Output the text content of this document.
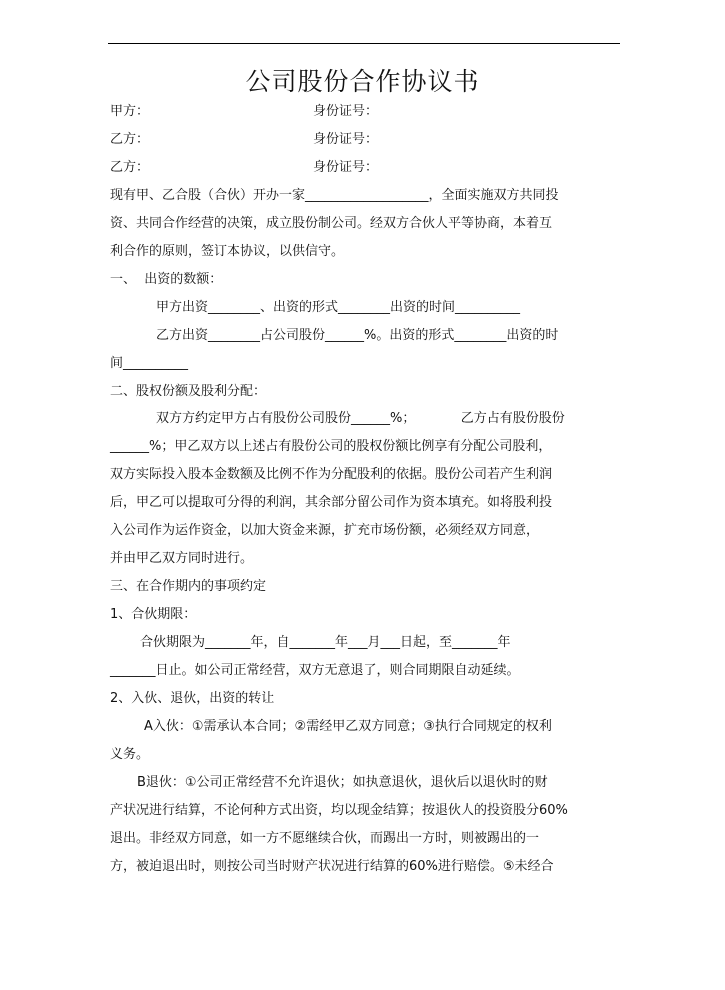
公司股份合作协议书
甲方：	身份证号：
乙方：	身份证号：
乙方：	身份证号：
现有甲、乙合股（合伙）开办一家___________________，全面实施双方共同投
资、共同合作经营的决策，成立股份制公司。经双方合伙人平等协商，本着互
利合作的原则，签订本协议，以供信守。
一、  出资的数额：
甲方出资________、出资的形式________出资的时间__________
乙方出资________占公司股份______%。出资的形式________出资的时
间__________
二、股权份额及股利分配：
双方方约定甲方占有股份公司股份______%；           乙方占有股份股份
______%；甲乙双方以上述占有股份公司的股权份额比例享有分配公司股利，
双方实际投入股本金数额及比例不作为分配股利的依据。股份公司若产生利润
后，甲乙可以提取可分得的利润，其余部分留公司作为资本填充。如将股利投
入公司作为运作资金，以加大资金来源，扩充市场份额，必须经双方同意，
并由甲乙双方同时进行。
三、在合作期内的事项约定
1、合伙期限：
合伙期限为_______年，自_______年___月___日起，至_______年
_______日止。如公司正常经营，双方无意退了，则合同期限自动延续。
2、入伙、退伙，出资的转让
A入伙：①需承认本合同；②需经甲乙双方同意；③执行合同规定的权利
义务。
B退伙：①公司正常经营不允许退伙；如执意退伙，退伙后以退伙时的财
产状况进行结算，不论何种方式出资，均以现金结算；按退伙人的投资股分60%
退出。非经双方同意，如一方不愿继续合伙，而踢出一方时，则被踢出的一
方，被迫退出时，则按公司当时财产状况进行结算的60%进行赔偿。⑤未经合
